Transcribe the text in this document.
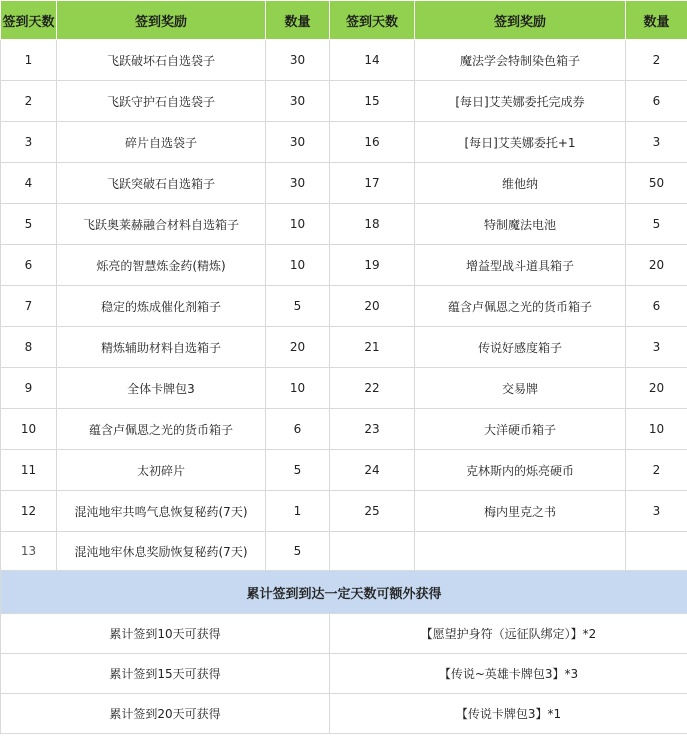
签到天数	签到奖励	数量	签到天数	签到奖励	数量
1	飞跃破坏石自选袋子	30	14	魔法学会特制染色箱子	2
2	飞跃守护石自选袋子	30	15	[每日]艾芙娜委托完成券	6
3	碎片自选袋子	30	16	[每日]艾芙娜委托+1	3
4	飞跃突破石自选箱子	30	17	维他纳	50
5	飞跃奥莱赫融合材料自选箱子	10	18	特制魔法电池	5
6	烁亮的智慧炼金药(精炼)	10	19	增益型战斗道具箱子	20
7	稳定的炼成催化剂箱子	5	20	蕴含卢佩恩之光的货币箱子	6
8	精炼辅助材料自选箱子	20	21	传说好感度箱子	3
9	全体卡牌包3	10	22	交易牌	20
10	蕴含卢佩恩之光的货币箱子	6	23	大洋硬币箱子	10
11	太初碎片	5	24	克林斯内的烁亮硬币	2
12	混沌地牢共鸣气息恢复秘药(7天)	1	25	梅内里克之书	3
13	混沌地牢休息奖励恢复秘药(7天)	5			
累计签到到达一定天数可额外获得					
累计签到10天可获得			【愿望护身符（远征队绑定）】*2		
累计签到15天可获得			【传说~英雄卡牌包3】*3		
累计签到20天可获得			【传说卡牌包3】*1		
